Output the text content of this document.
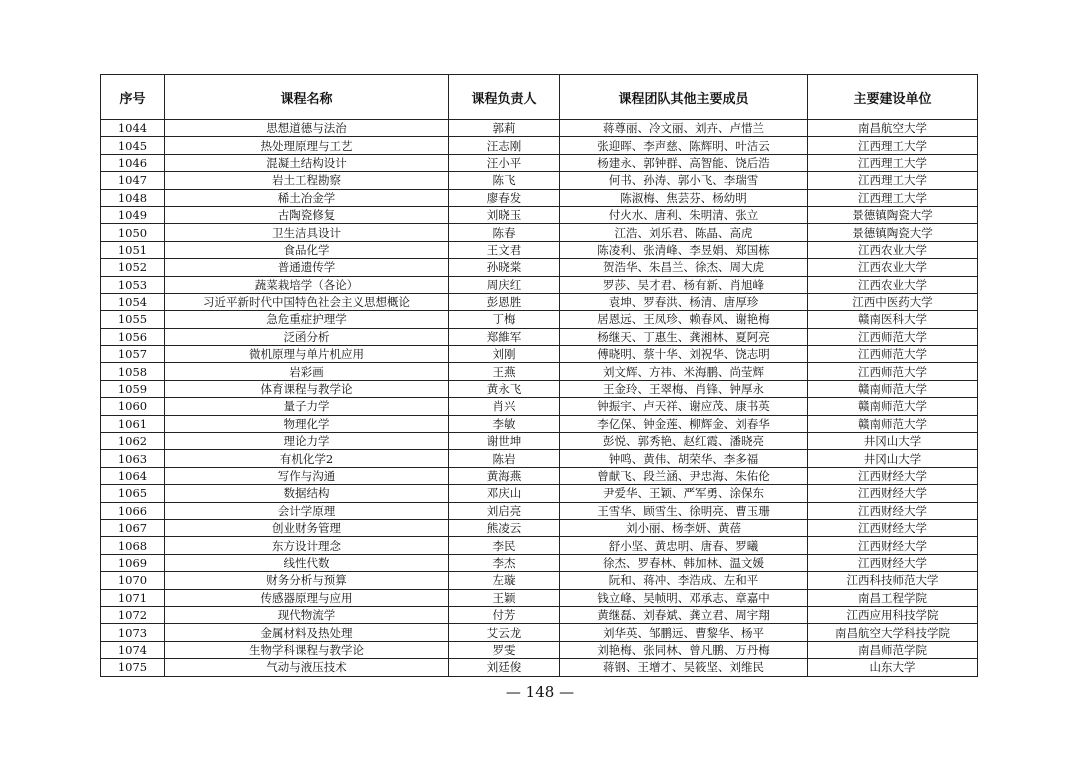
序号	课程名称	课程负责人	课程团队其他主要成员	主要建设单位
1044	思想道德与法治	郭莉	蒋尊丽、冷文丽、刘卉、卢惜兰	南昌航空大学
1045	热处理原理与工艺	汪志刚	张迎晖、李声慈、陈辉明、叶洁云	江西理工大学
1046	混凝土结构设计	汪小平	杨建永、郭钟群、高智能、饶后浩	江西理工大学
1047	岩土工程勘察	陈飞	何书、孙涛、郭小飞、李瑞雪	江西理工大学
1048	稀土冶金学	廖春发	陈淑梅、焦芸芬、杨幼明	江西理工大学
1049	古陶瓷修复	刘晓玉	付火水、唐利、朱明清、张立	景德镇陶瓷大学
1050	卫生洁具设计	陈春	江浩、刘乐君、陈晶、高虎	景德镇陶瓷大学
1051	食品化学	王文君	陈凌利、张清峰、李昱娟、郑国栋	江西农业大学
1052	普通遗传学	孙晓棠	贺浩华、朱昌兰、徐杰、周大虎	江西农业大学
1053	蔬菜栽培学（各论）	周庆红	罗莎、吴才君、杨有新、肖旭峰	江西农业大学
1054	习近平新时代中国特色社会主义思想概论	彭恩胜	袁坤、罗春洪、杨清、唐厚珍	江西中医药大学
1055	急危重症护理学	丁梅	居恩远、王凤珍、赖春风、谢艳梅	赣南医科大学
1056	泛函分析	郑維军	杨继天、丁惠生、龚湘林、夏阿亮	江西师范大学
1057	微机原理与单片机应用	刘刚	傅晓明、蔡十华、刘祝华、饶志明	江西师范大学
1058	岩彩画	王燕	刘文辉、方祎、米海鹏、尚莹辉	江西师范大学
1059	体育课程与教学论	黄永飞	王金玲、王翠梅、肖锋、钟厚永	赣南师范大学
1060	量子力学	肖兴	钟振宇、卢天祥、谢应茂、康书英	赣南师范大学
1061	物理化学	李敏	李亿保、钟金莲、柳辉金、刘春华	赣南师范大学
1062	理论力学	谢世坤	彭悦、郭秀艳、赵红霞、潘晓亮	井冈山大学
1063	有机化学2	陈岩	钟鸣、黄伟、胡荣华、李多福	井冈山大学
1064	写作与沟通	黄海燕	曾献飞、段兰涵、尹忠海、朱佑伦	江西财经大学
1065	数据结构	邓庆山	尹爱华、王颖、严军勇、涂保东	江西财经大学
1066	会计学原理	刘启亮	王雪华、顾雪生、徐明亮、曹玉珊	江西财经大学
1067	创业财务管理	熊凌云	刘小丽、杨李妍、黄蓓	江西财经大学
1068	东方设计理念	李民	舒小坚、黄忠明、唐春、罗曦	江西财经大学
1069	线性代数	李杰	徐杰、罗春林、韩加林、温文媛	江西财经大学
1070	财务分析与预算	左璇	阮和、蒋冲、李浩成、左和平	江西科技师范大学
1071	传感器原理与应用	王颖	钱立峰、吴帧明、邓承志、章嘉中	南昌工程学院
1072	现代物流学	付芳	黄继磊、刘春斌、龚立君、周宇翔	江西应用科技学院
1073	金属材料及热处理	艾云龙	刘华英、邹鹏远、曹黎华、杨平	南昌航空大学科技学院
1074	生物学科课程与教学论	罗雯	刘艳梅、张同林、曾凡鹏、万丹梅	南昌师范学院
1075	气动与液压技术	刘廷俊	蒋钢、王增才、吴筱坚、刘维民	山东大学
— 148 —
